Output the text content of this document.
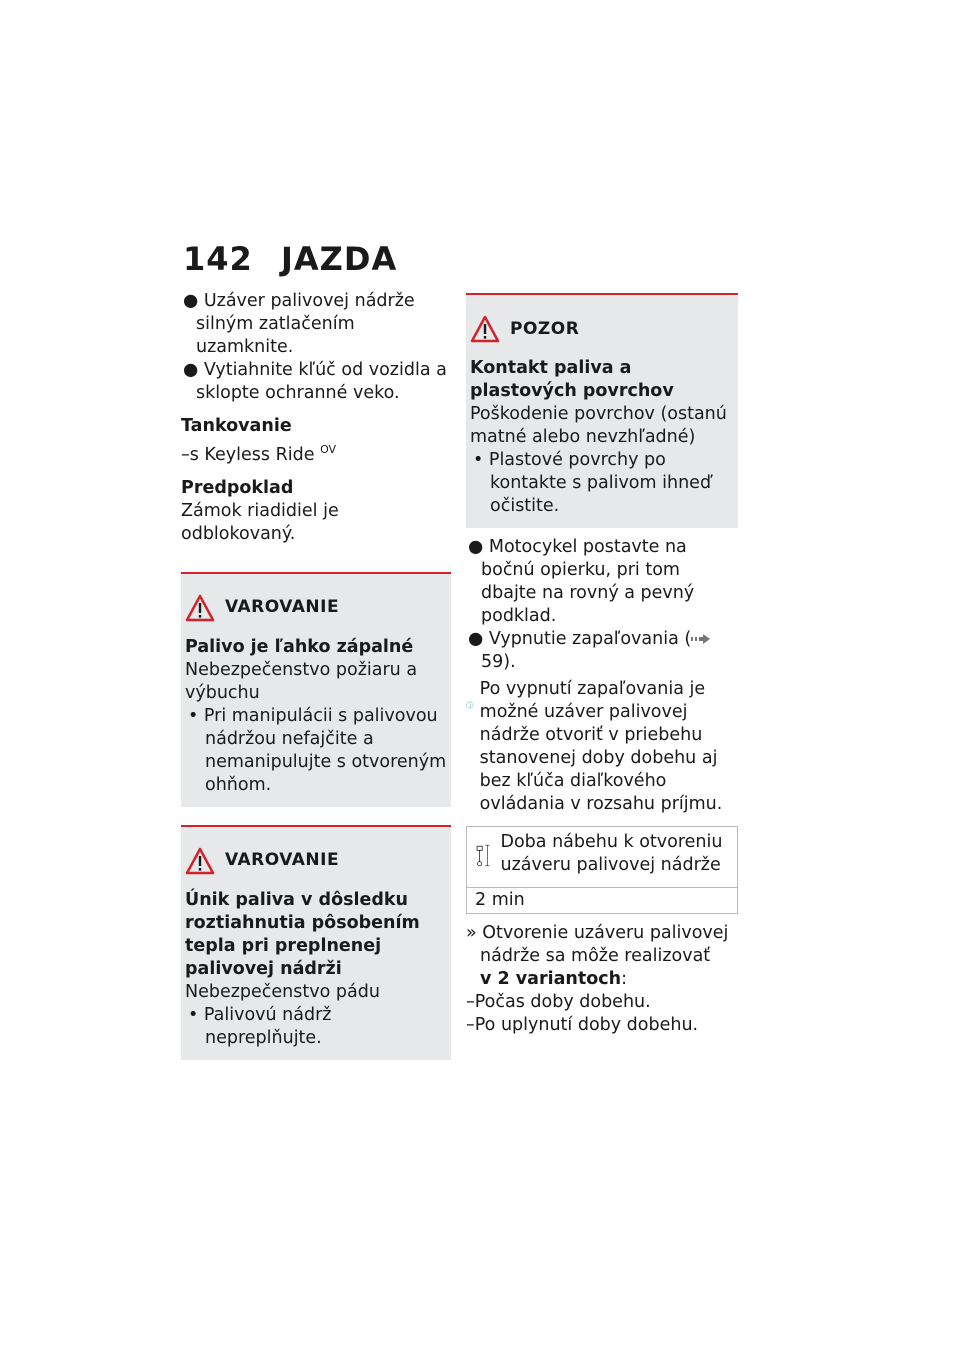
142 JAZDA
● Uzáver palivovej nádrže silným zatlačením uzamknite.
● Vytiahnite kľúč od vozidla a sklopte ochranné veko.
Tankovanie
–s Keyless Ride $^{OV}$
Predpoklad
Zámok riadidiel je odblokovaný.
VAROVANIE
Palivo je ľahko zápalné
Nebezpečenstvo požiaru a výbuchu
• Pri manipulácii s palivovou nádržou nefajčite a nemanipulujte s otvoreným ohňom.
VAROVANIE
Únik paliva v dôsledku roztiahnutia pôsobením tepla pri preplnenej palivovej nádrži
Nebezpečenstvo pádu
• Palivovú nádrž nepreplňujte.
POZOR
Kontakt paliva a plastových povrchov
Poškodenie povrchov (ostanú matné alebo nevzhľadné)
• Plastové povrchy po kontakte s palivom ihneď očistite.
● Motocykel postavte na bočnú opierku, pri tom dbajte na rovný a pevný podklad.
● Vypnutie zapaľovania ( 59).
Po vypnutí zapaľovania je možné uzáver palivovej nádrže otvoriť v priebehu stanovenej doby dobehu aj bez kľúča diaľkového ovládania v rozsahu príjmu.
Doba nábehu k otvoreniu uzáveru palivovej nádrže
2 min
» Otvorenie uzáveru palivovej nádrže sa môže realizovať
v 2 variantoch:
–Počas doby dobehu.
–Po uplynutí doby dobehu.
